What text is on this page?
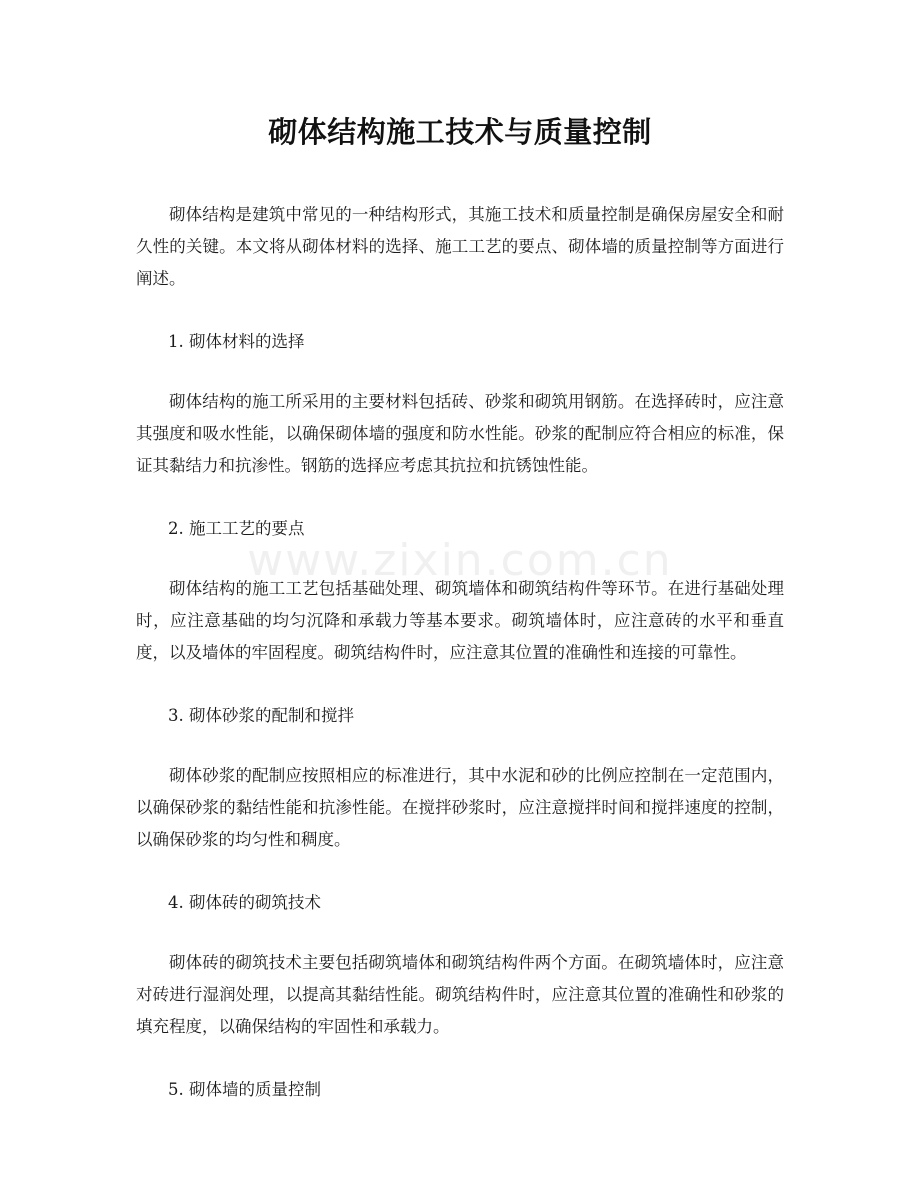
砌体结构施工技术与质量控制

砌体结构是建筑中常见的一种结构形式，其施工技术和质量控制是确保房屋安全和耐久性的关键。本文将从砌体材料的选择、施工工艺的要点、砌体墙的质量控制等方面进行阐述。

1. 砌体材料的选择

砌体结构的施工所采用的主要材料包括砖、砂浆和砌筑用钢筋。在选择砖时，应注意其强度和吸水性能，以确保砌体墙的强度和防水性能。砂浆的配制应符合相应的标准，保证其黏结力和抗渗性。钢筋的选择应考虑其抗拉和抗锈蚀性能。

2. 施工工艺的要点

砌体结构的施工工艺包括基础处理、砌筑墙体和砌筑结构件等环节。在进行基础处理时，应注意基础的均匀沉降和承载力等基本要求。砌筑墙体时，应注意砖的水平和垂直度，以及墙体的牢固程度。砌筑结构件时，应注意其位置的准确性和连接的可靠性。

3. 砌体砂浆的配制和搅拌

砌体砂浆的配制应按照相应的标准进行，其中水泥和砂的比例应控制在一定范围内，以确保砂浆的黏结性能和抗渗性能。在搅拌砂浆时，应注意搅拌时间和搅拌速度的控制，以确保砂浆的均匀性和稠度。

4. 砌体砖的砌筑技术

砌体砖的砌筑技术主要包括砌筑墙体和砌筑结构件两个方面。在砌筑墙体时，应注意对砖进行湿润处理，以提高其黏结性能。砌筑结构件时，应注意其位置的准确性和砂浆的填充程度，以确保结构的牢固性和承载力。

5. 砌体墙的质量控制

www.zixin.com.cn
